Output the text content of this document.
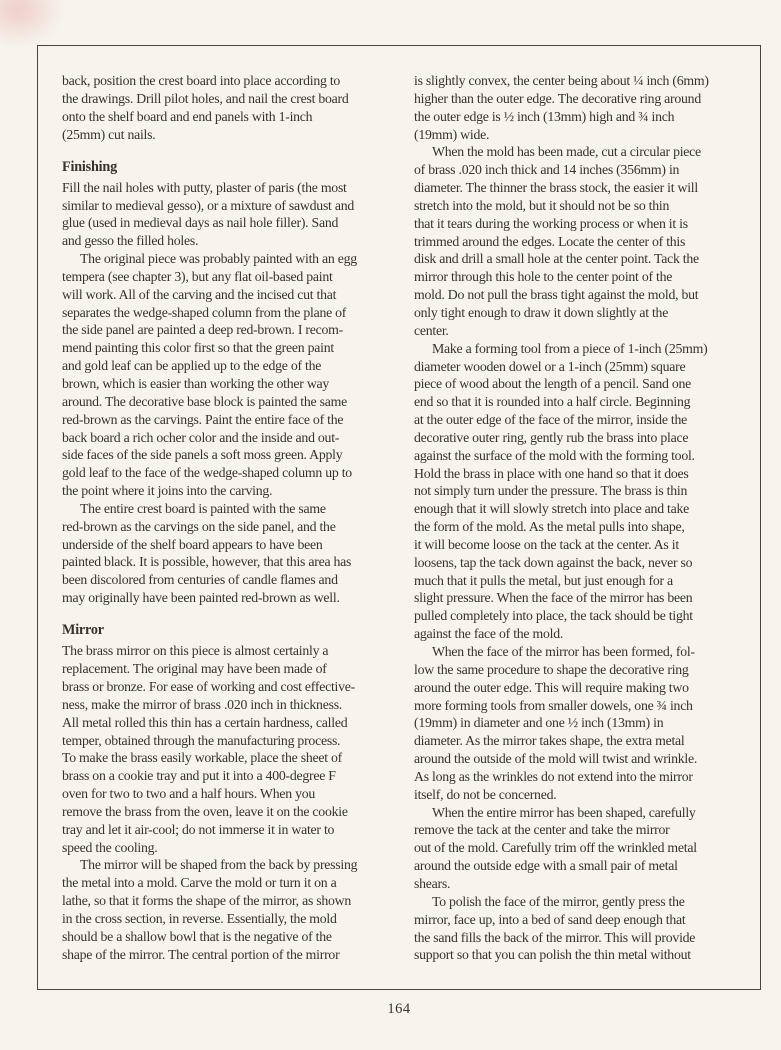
back, position the crest board into place according to
the drawings. Drill pilot holes, and nail the crest board
onto the shelf board and end panels with 1-inch
(25mm) cut nails.
Finishing
Fill the nail holes with putty, plaster of paris (the most
similar to medieval gesso), or a mixture of sawdust and
glue (used in medieval days as nail hole filler). Sand
and gesso the filled holes.
The original piece was probably painted with an egg
tempera (see chapter 3), but any flat oil-based paint
will work. All of the carving and the incised cut that
separates the wedge-shaped column from the plane of
the side panel are painted a deep red-brown. I recom-
mend painting this color first so that the green paint
and gold leaf can be applied up to the edge of the
brown, which is easier than working the other way
around. The decorative base block is painted the same
red-brown as the carvings. Paint the entire face of the
back board a rich ocher color and the inside and out-
side faces of the side panels a soft moss green. Apply
gold leaf to the face of the wedge-shaped column up to
the point where it joins into the carving.
The entire crest board is painted with the same
red-brown as the carvings on the side panel, and the
underside of the shelf board appears to have been
painted black. It is possible, however, that this area has
been discolored from centuries of candle flames and
may originally have been painted red-brown as well.
Mirror
The brass mirror on this piece is almost certainly a
replacement. The original may have been made of
brass or bronze. For ease of working and cost effective-
ness, make the mirror of brass .020 inch in thickness.
All metal rolled this thin has a certain hardness, called
temper, obtained through the manufacturing process.
To make the brass easily workable, place the sheet of
brass on a cookie tray and put it into a 400-degree F
oven for two to two and a half hours. When you
remove the brass from the oven, leave it on the cookie
tray and let it air-cool; do not immerse it in water to
speed the cooling.
The mirror will be shaped from the back by pressing
the metal into a mold. Carve the mold or turn it on a
lathe, so that it forms the shape of the mirror, as shown
in the cross section, in reverse. Essentially, the mold
should be a shallow bowl that is the negative of the
shape of the mirror. The central portion of the mirror
is slightly convex, the center being about ¼ inch (6mm)
higher than the outer edge. The decorative ring around
the outer edge is ½ inch (13mm) high and ¾ inch
(19mm) wide.
When the mold has been made, cut a circular piece
of brass .020 inch thick and 14 inches (356mm) in
diameter. The thinner the brass stock, the easier it will
stretch into the mold, but it should not be so thin
that it tears during the working process or when it is
trimmed around the edges. Locate the center of this
disk and drill a small hole at the center point. Tack the
mirror through this hole to the center point of the
mold. Do not pull the brass tight against the mold, but
only tight enough to draw it down slightly at the
center.
Make a forming tool from a piece of 1-inch (25mm)
diameter wooden dowel or a 1-inch (25mm) square
piece of wood about the length of a pencil. Sand one
end so that it is rounded into a half circle. Beginning
at the outer edge of the face of the mirror, inside the
decorative outer ring, gently rub the brass into place
against the surface of the mold with the forming tool.
Hold the brass in place with one hand so that it does
not simply turn under the pressure. The brass is thin
enough that it will slowly stretch into place and take
the form of the mold. As the metal pulls into shape,
it will become loose on the tack at the center. As it
loosens, tap the tack down against the back, never so
much that it pulls the metal, but just enough for a
slight pressure. When the face of the mirror has been
pulled completely into place, the tack should be tight
against the face of the mold.
When the face of the mirror has been formed, fol-
low the same procedure to shape the decorative ring
around the outer edge. This will require making two
more forming tools from smaller dowels, one ¾ inch
(19mm) in diameter and one ½ inch (13mm) in
diameter. As the mirror takes shape, the extra metal
around the outside of the mold will twist and wrinkle.
As long as the wrinkles do not extend into the mirror
itself, do not be concerned.
When the entire mirror has been shaped, carefully
remove the tack at the center and take the mirror
out of the mold. Carefully trim off the wrinkled metal
around the outside edge with a small pair of metal
shears.
To polish the face of the mirror, gently press the
mirror, face up, into a bed of sand deep enough that
the sand fills the back of the mirror. This will provide
support so that you can polish the thin metal without
164
